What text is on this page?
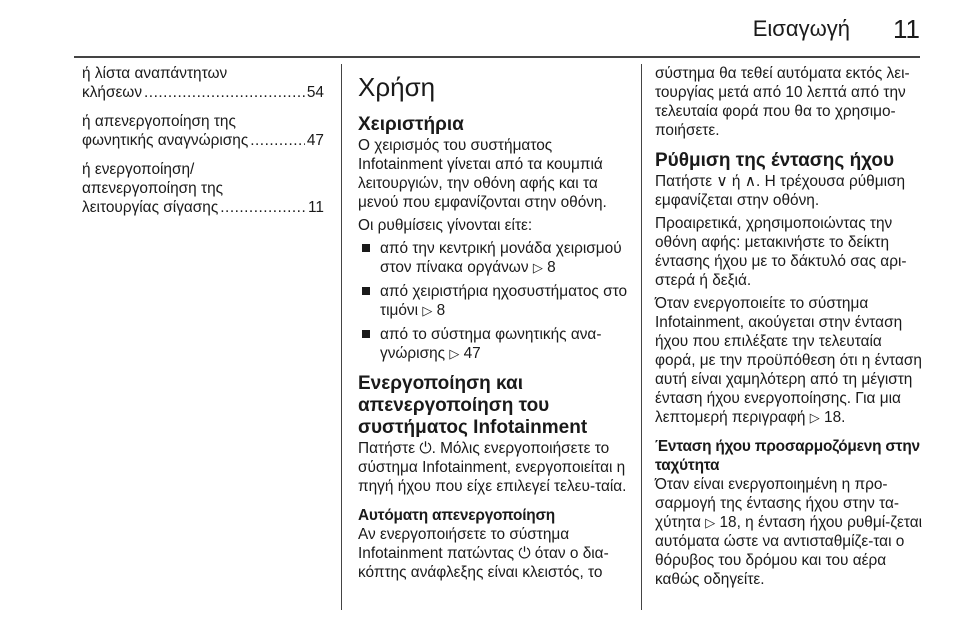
Εισαγωγή 11
ή λίστα αναπάντητων
κλήσεων .....	54
ή απενεργοποίηση της
φωνητικής αναγνώρισης .....	47
ή ενεργοποίηση/
απενεργοποίηση της
λειτουργίας σίγασης .....	11
Χρήση
Χειριστήρια

Ο χειρισμός του συστήματος Infotainment γίνεται από τα κουμπιά λειτουργιών, την οθόνη αφής και τα μενού που εμφανίζονται στην οθόνη.

Οι ρυθμίσεις γίνονται είτε:

από την κεντρική μονάδα χειρισμού στον πίνακα οργάνων ▷ 8
από χειριστήρια ηχοσυστήματος στο τιμόνι ▷ 8
από το σύστημα φωνητικής ανα-γνώρισης ▷ 47
Ενεργοποίηση και απενεργοποίηση του συστήματος Infotainment

Πατήστε ⏻. Μόλις ενεργοποιήσετε το σύστημα Infotainment, ενεργοποιείται η πηγή ήχου που είχε επιλεγεί τελευ-ταία.

Αυτόματη απενεργοποίηση

Αν ενεργοποιήσετε το σύστημα Infotainment πατώντας ⏻ όταν ο δια-κόπτης ανάφλεξης είναι κλειστός, το

σύστημα θα τεθεί αυτόματα εκτός λει-τουργίας μετά από 10 λεπτά από την τελευταία φορά που θα το χρησιμο-ποιήσετε.

Ρύθμιση της έντασης ήχου

Πατήστε ∨ ή ∧. Η τρέχουσα ρύθμιση εμφανίζεται στην οθόνη.

Προαιρετικά, χρησιμοποιώντας την οθόνη αφής: μετακινήστε το δείκτη έντασης ήχου με το δάκτυλό σας αρι-στερά ή δεξιά.

Όταν ενεργοποιείτε το σύστημα Infotainment, ακούγεται στην ένταση ήχου που επιλέξατε την τελευταία φορά, με την προϋπόθεση ότι η ένταση αυτή είναι χαμηλότερη από τη μέγιστη ένταση ήχου ενεργοποίησης. Για μια λεπτομερή περιγραφή ▷ 18.

Ένταση ήχου προσαρμοζόμενη στην ταχύτητα

Όταν είναι ενεργοποιημένη η προ-σαρμογή της έντασης ήχου στην τα-χύτητα ▷ 18, η ένταση ήχου ρυθμί-ζεται αυτόματα ώστε να αντισταθμίζε-ται ο θόρυβος του δρόμου και του αέρα καθώς οδηγείτε.
